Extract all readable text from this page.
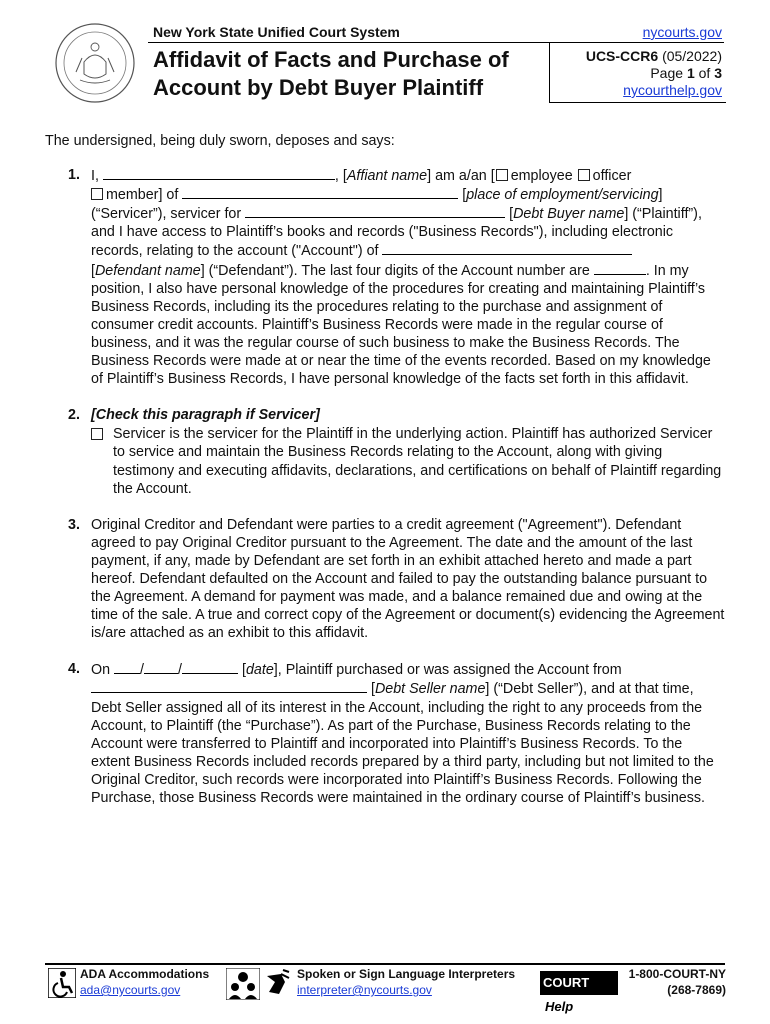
New York State Unified Court System	nycourts.gov
Affidavit of Facts and Purchase of
Account by Debt Buyer Plaintiff
UCS-CCR6 (05/2022)
Page 1 of 3
nycourthelp.gov
The undersigned, being duly sworn, deposes and says:
1. I,	, [Affiant name] am a/an [ employee officer
member] of	[place of employment/servicing] (“Servicer”), servicer for	[Debt Buyer name] (“Plaintiff”), and I have access to Plaintiff’s books and records ("Business Records"), including electronic records, relating to the account ("Account") of
[Defendant name] (“Defendant”). The last four digits of the Account number are	. In my position, I also have personal knowledge of the procedures for creating and maintaining Plaintiff’s Business Records, including its the procedures relating to the purchase and assignment of consumer credit accounts. Plaintiff’s Business Records were made in the regular course of business, and it was the regular course of such business to make the Business Records. The Business Records were made at or near the time of the events recorded. Based on my knowledge of Plaintiff’s Business Records, I have personal knowledge of the facts set forth in this affidavit.
2. [Check this paragraph if Servicer]
Servicer is the servicer for the Plaintiff in the underlying action. Plaintiff has authorized Servicer to service and maintain the Business Records relating to the Account, along with giving testimony and executing affidavits, declarations, and certifications on behalf of Plaintiff regarding the Account.
3. Original Creditor and Defendant were parties to a credit agreement ("Agreement"). Defendant agreed to pay Original Creditor pursuant to the Agreement. The date and the amount of the last payment, if any, made by Defendant are set forth in an exhibit attached hereto and made a part hereof. Defendant defaulted on the Account and failed to pay the outstanding balance pursuant to the Agreement. A demand for payment was made, and a balance remained due and owing at the time of the sale. A true and correct copy of the Agreement or document(s) evidencing the Agreement is/are attached as an exhibit to this affidavit.
4. On / /	[date], Plaintiff purchased or was assigned the Account from
[Debt Seller name] (“Debt Seller”), and at that time, Debt Seller assigned all of its interest in the Account, including the right to any proceeds from the Account, to Plaintiff (the “Purchase”). As part of the Purchase, Business Records relating to the Account were transferred to Plaintiff and incorporated into Plaintiff’s Business Records. To the extent Business Records included records prepared by a third party, including but not limited to the Original Creditor, such records were incorporated into Plaintiff’s Business Records. Following the Purchase, those Business Records were maintained in the ordinary course of Plaintiff’s business.
ADA Accommodations
ada@nycourts.gov
Spoken or Sign Language Interpreters
interpreter@nycourts.gov	COURT Help
1-800-COURT-NY
(268-7869)
